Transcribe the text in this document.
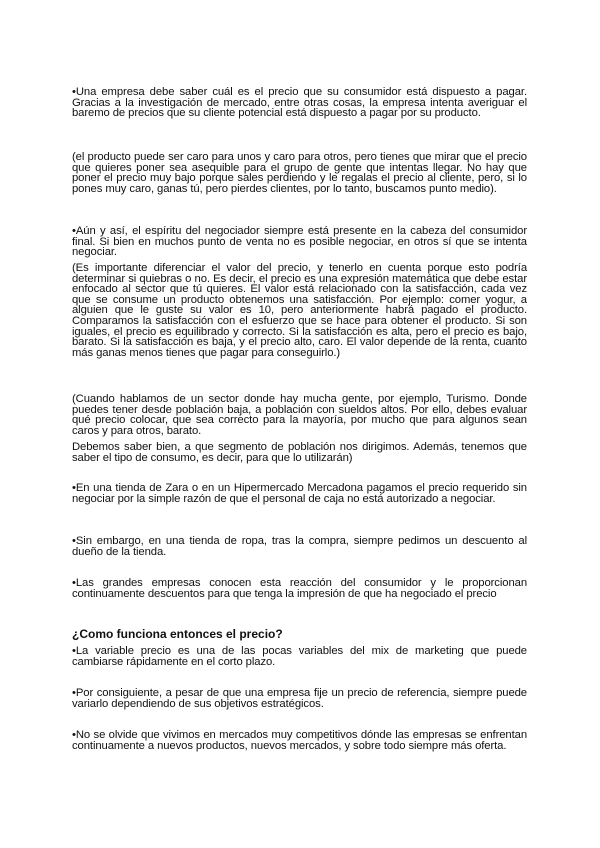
•Una empresa debe saber cuál es el precio que su consumidor está dispuesto a pagar. Gracias a la investigación de mercado, entre otras cosas, la empresa intenta averiguar el baremo de precios que su cliente potencial está dispuesto a pagar por su producto.

(el producto puede ser caro para unos y caro para otros, pero tienes que mirar que el precio que quieres poner sea asequible para el grupo de gente que intentas llegar. No hay que poner el precio muy bajo porque sales perdiendo y le regalas el precio al cliente, pero, si lo pones muy caro, ganas tú, pero pierdes clientes, por lo tanto, buscamos punto medio).

•Aún y así, el espíritu del negociador siempre está presente en la cabeza del consumidor final. Si bien en muchos punto de venta no es posible negociar, en otros sí que se intenta negociar.

(Es importante diferenciar el valor del precio, y tenerlo en cuenta porque esto podría determinar si quiebras o no. Es decir, el precio es una expresión matemática que debe estar enfocado al sector que tú quieres. El valor está relacionado con la satisfacción, cada vez que se consume un producto obtenemos una satisfacción. Por ejemplo: comer yogur, a alguien que le guste su valor es 10, pero anteriormente habrá pagado el producto. Comparamos la satisfacción con el esfuerzo que se hace para obtener el producto. Si son iguales, el precio es equilibrado y correcto. Si la satisfacción es alta, pero el precio es bajo, barato. Si la satisfacción es baja, y el precio alto, caro. El valor depende de la renta, cuanto más ganas menos tienes que pagar para conseguirlo.)

(Cuando hablamos de un sector donde hay mucha gente, por ejemplo, Turismo. Donde puedes tener desde población baja, a población con sueldos altos. Por ello, debes evaluar qué precio colocar, que sea correcto para la mayoría, por mucho que para algunos sean caros y para otros, barato.

Debemos saber bien, a que segmento de población nos dirigimos. Además, tenemos que saber el tipo de consumo, es decir, para que lo utilizarán)

•En una tienda de Zara o en un Hipermercado Mercadona pagamos el precio requerido sin negociar por la simple razón de que el personal de caja no está autorizado a negociar.

•Sin embargo, en una tienda de ropa, tras la compra, siempre pedimos un descuento al dueño de la tienda.

•Las grandes empresas conocen esta reacción del consumidor y le proporcionan continuamente descuentos para que tenga la impresión de que ha negociado el precio

¿Como funciona entonces el precio?

•La variable precio es una de las pocas variables del mix de marketing que puede cambiarse rápidamente en el corto plazo.

•Por consiguiente, a pesar de que una empresa fije un precio de referencia, siempre puede variarlo dependiendo de sus objetivos estratégicos.

•No se olvide que vivimos en mercados muy competitivos dónde las empresas se enfrentan continuamente a nuevos productos, nuevos mercados, y sobre todo siempre más oferta.
